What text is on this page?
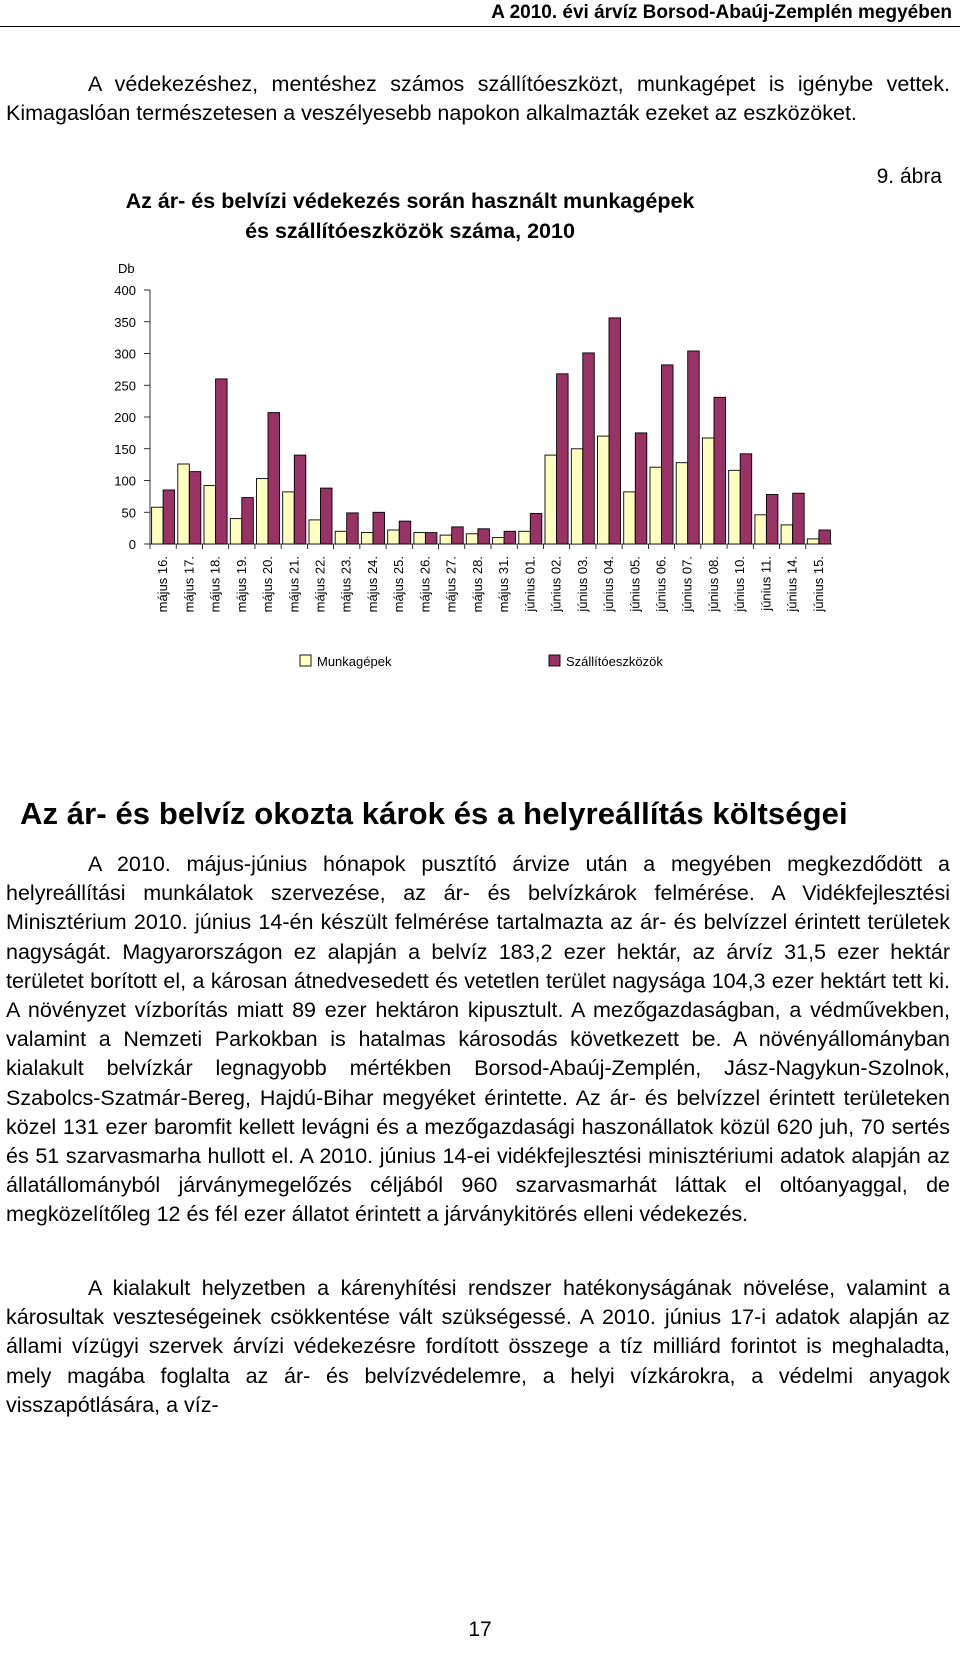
A 2010. évi árvíz Borsod-Abaúj-Zemplén megyében

A védekezéshez, mentéshez számos szállítóeszközt, munkagépet is igénybe vettek. Kimagaslóan természetesen a veszélyesebb napokon alkalmazták ezeket az eszközöket.

9. ábra
Az ár- és belvízi védekezés során használt munkagépek
és szállítóeszközök száma, 2010
Db
0
50
100
150
200
250
300
350
400
május 16. május 17. május 18. május 19. május 20. május 21. május 22. május 23. május 24. május 25. május 26. május 27. május 28. május 31. június 01. június 02. június 03. június 04. június 05. június 06. június 07. június 08. június 10. június 11. június 14. június 15.
Munkagépek	Szállítóeszközök
Az ár- és belvíz okozta károk és a helyreállítás költségei

A 2010. május-június hónapok pusztító árvize után a megyében megkezdődött a helyreállítási munkálatok szervezése, az ár- és belvízkárok felmérése. A Vidékfejlesztési Minisztérium 2010. június 14-én készült felmérése tartalmazta az ár- és belvízzel érintett területek nagyságát. Magyarországon ez alapján a belvíz 183,2 ezer hektár, az árvíz 31,5 ezer hektár területet borított el, a károsan átnedvesedett és vetetlen terület nagysága 104,3 ezer hektárt tett ki. A növényzet vízborítás miatt 89 ezer hektáron kipusztult. A mezőgazdaságban, a védművekben, valamint a Nemzeti Parkokban is hatalmas károsodás következett be. A növényállományban kialakult belvízkár legnagyobb mértékben Borsod-Abaúj-Zemplén, Jász-Nagykun-Szolnok, Szabolcs-Szatmár-Bereg, Hajdú-Bihar megyéket érintette. Az ár- és belvízzel érintett területeken közel 131 ezer baromfit kellett levágni és a mezőgazdasági haszonállatok közül 620 juh, 70 sertés és 51 szarvasmarha hullott el. A 2010. június 14-ei vidékfejlesztési minisztériumi adatok alapján az állatállományból járványmegelőzés céljából 960 szarvasmarhát láttak el oltóanyaggal, de megközelítőleg 12 és fél ezer állatot érintett a járványkitörés elleni védekezés.

A kialakult helyzetben a kárenyhítési rendszer hatékonyságának növelése, valamint a károsultak veszteségeinek csökkentése vált szükségessé. A 2010. június 17-i adatok alapján az állami vízügyi szervek árvízi védekezésre fordított összege a tíz milliárd forintot is meghaladta, mely magába foglalta az ár- és belvízvédelemre, a helyi vízkárokra, a védelmi anyagok visszapótlására, a víz-

17
